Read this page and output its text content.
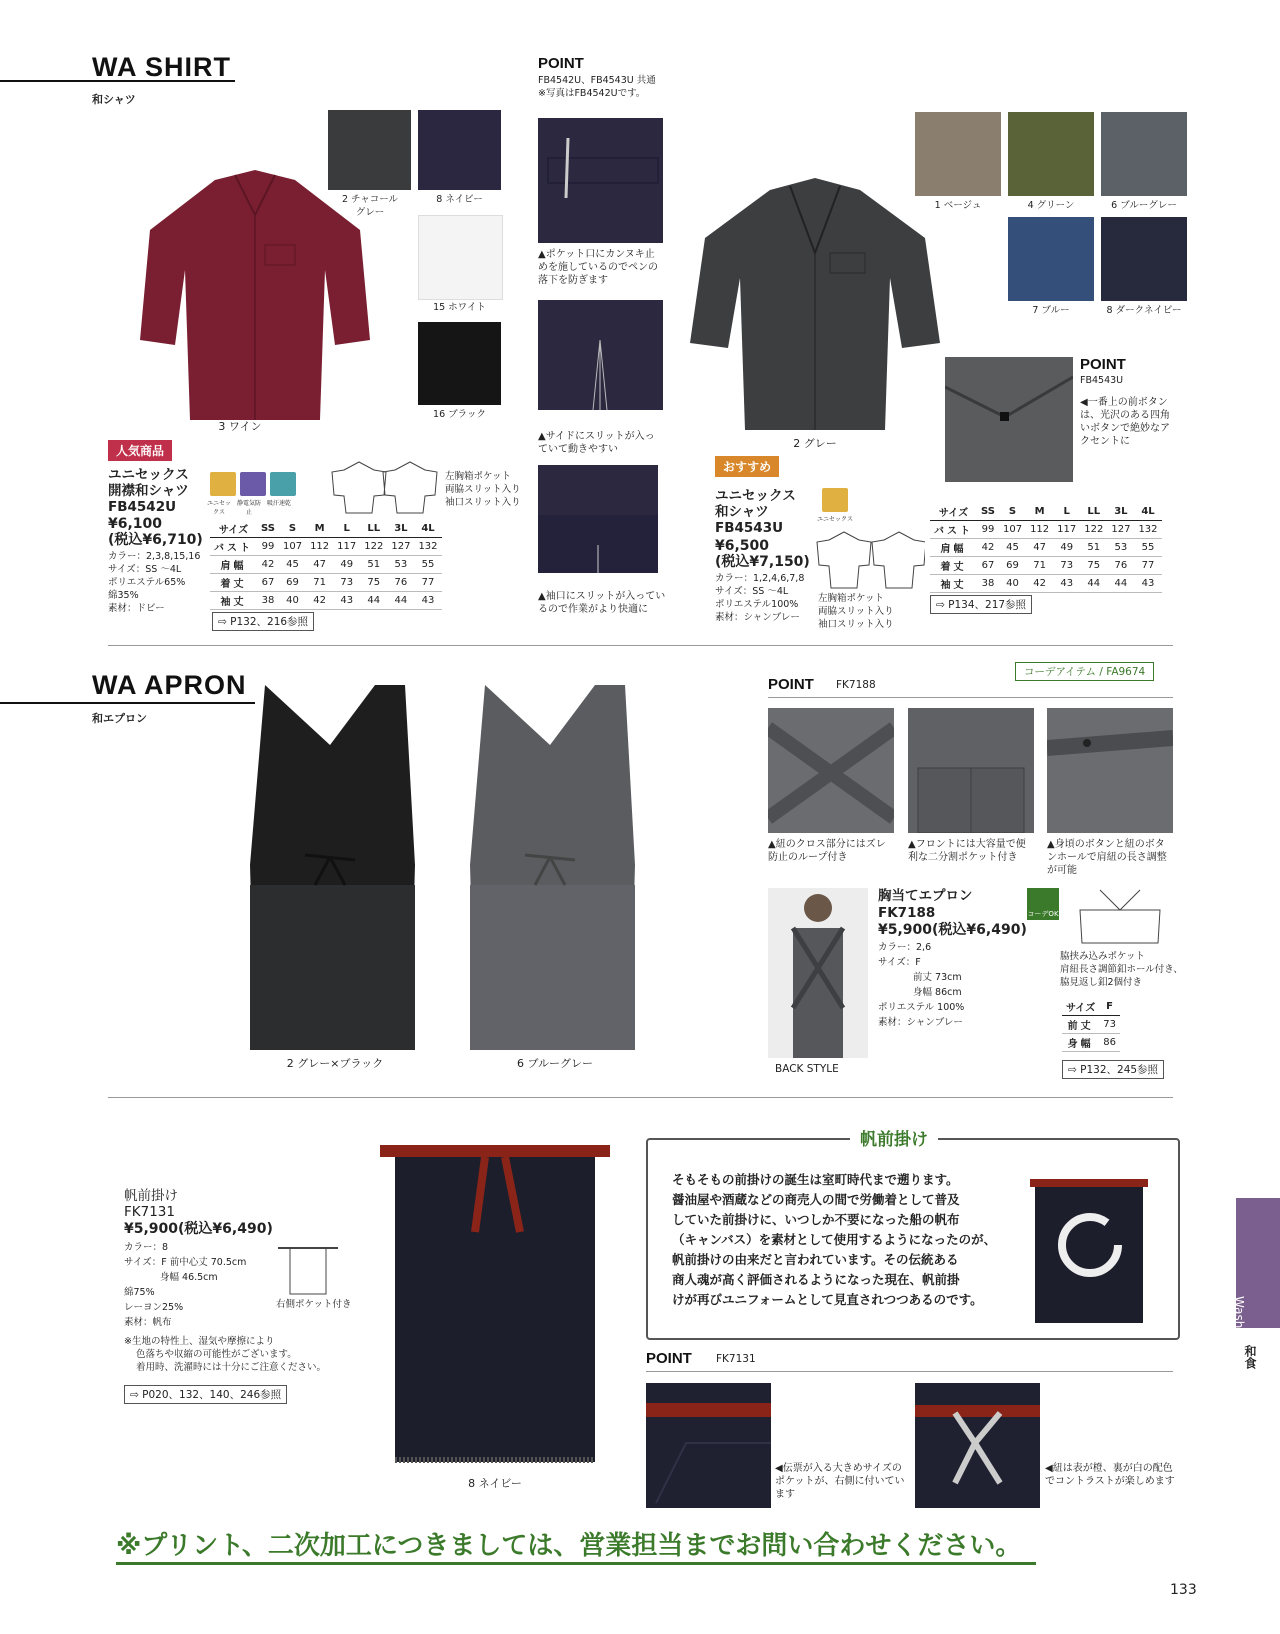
WA SHIRT
和シャツ
3 ワイン
2 チャコール
グレー
8 ネイビー
15 ホワイト
16 ブラック
人気商品
ユニセックス
開襟和シャツ
FB4542U
¥6,100
(税込¥6,710)
カラー：2,3,8,15,16
サイズ：SS ～4L
ポリエステル65%
綿35%
素材：ドビー
ユニセックス
静電気防止
吸汗速乾
左胸箱ポケット
両脇スリット入り
袖口スリット入り
サイズ	SS	S	M	L	LL	3L	4L
バスト	99	107	112	117	122	127	132
肩幅	42	45	47	49	51	53	55
着丈	67	69	71	73	75	76	77
袖丈	38	40	42	43	44	44	43
⇨ P132、216参照
POINT
FB4542U、FB4543U 共通
※写真はFB4542Uです。
▲ポケット口にカンヌキ止めを施しているのでペンの落下を防ぎます
▲サイドにスリットが入っていて動きやすい
▲袖口にスリットが入っているので作業がより快適に
2 グレー
1 ベージュ	4 グリーン	6 ブルーグレー
7 ブルー	8 ダークネイビー
POINT
FB4543U
◀一番上の前ボタンは、光沢のある四角いボタンで絶妙なアクセントに
おすすめ
ユニセックス
和シャツ
FB4543U
¥6,500
(税込¥7,150)
カラー：1,2,4,6,7,8
サイズ：SS ～4L
ポリエステル100%
素材：シャンブレー
ユニセックス
左胸箱ポケット
両脇スリット入り
袖口スリット入り
サイズ	SS	S	M	L	LL	3L	4L
バスト	99	107	112	117	122	127	132
肩幅	42	45	47	49	51	53	55
着丈	67	69	71	73	75	76	77
袖丈	38	40	42	43	44	44	43
⇨ P134、217参照
WA APRON
和エプロン
2 グレー×ブラック	6 ブルーグレー
コーデアイテム / FA9674
POINT FK7188
▲紐のクロス部分にはズレ防止のループ付き
▲フロントには大容量で便利な二分割ポケット付き
▲身頃のボタンと紐のボタンホールで肩紐の長さ調整が可能
BACK STYLE
胸当てエプロン
FK7188
¥5,900(税込¥6,490)
カラー：2,6
サイズ：F
前丈 73cm
身幅 86cm
ポリエステル 100%
素材：シャンブレー
コーデOK
脇挟み込みポケット
肩紐長さ調節釦ホール付き、
脇見返し釦2個付き
サイズ	F
前丈	73
身幅	86
⇨ P132、245参照
帆前掛け
FK7131
¥5,900(税込¥6,490)
カラー：8
サイズ：F 前中心丈 70.5cm
身幅 46.5cm
綿75%
レーヨン25%
素材：帆布
右側ポケット付き
※生地の特性上、湿気や摩擦により
色落ちや収縮の可能性がございます。
着用時、洗濯時には十分にご注意ください。
⇨ P020、132、140、246参照
8 ネイビー
帆前掛け
そもそもの前掛けの誕生は室町時代まで遡ります。
醤油屋や酒蔵などの商売人の間で労働着として普及
していた前掛けに、いつしか不要になった船の帆布
（キャンバス）を素材として使用するようになったのが、
帆前掛けの由来だと言われています。その伝統ある
商人魂が高く評価されるようになった現在、帆前掛
けが再びユニフォームとして見直されつつあるのです。
POINT FK7131
◀伝票が入る大きめサイズのポケットが、右側に付いています
◀紐は表が橙、裏が白の配色でコントラストが楽しめます
Washoku
和食
※プリント、二次加工につきましては、営業担当までお問い合わせください。
133
